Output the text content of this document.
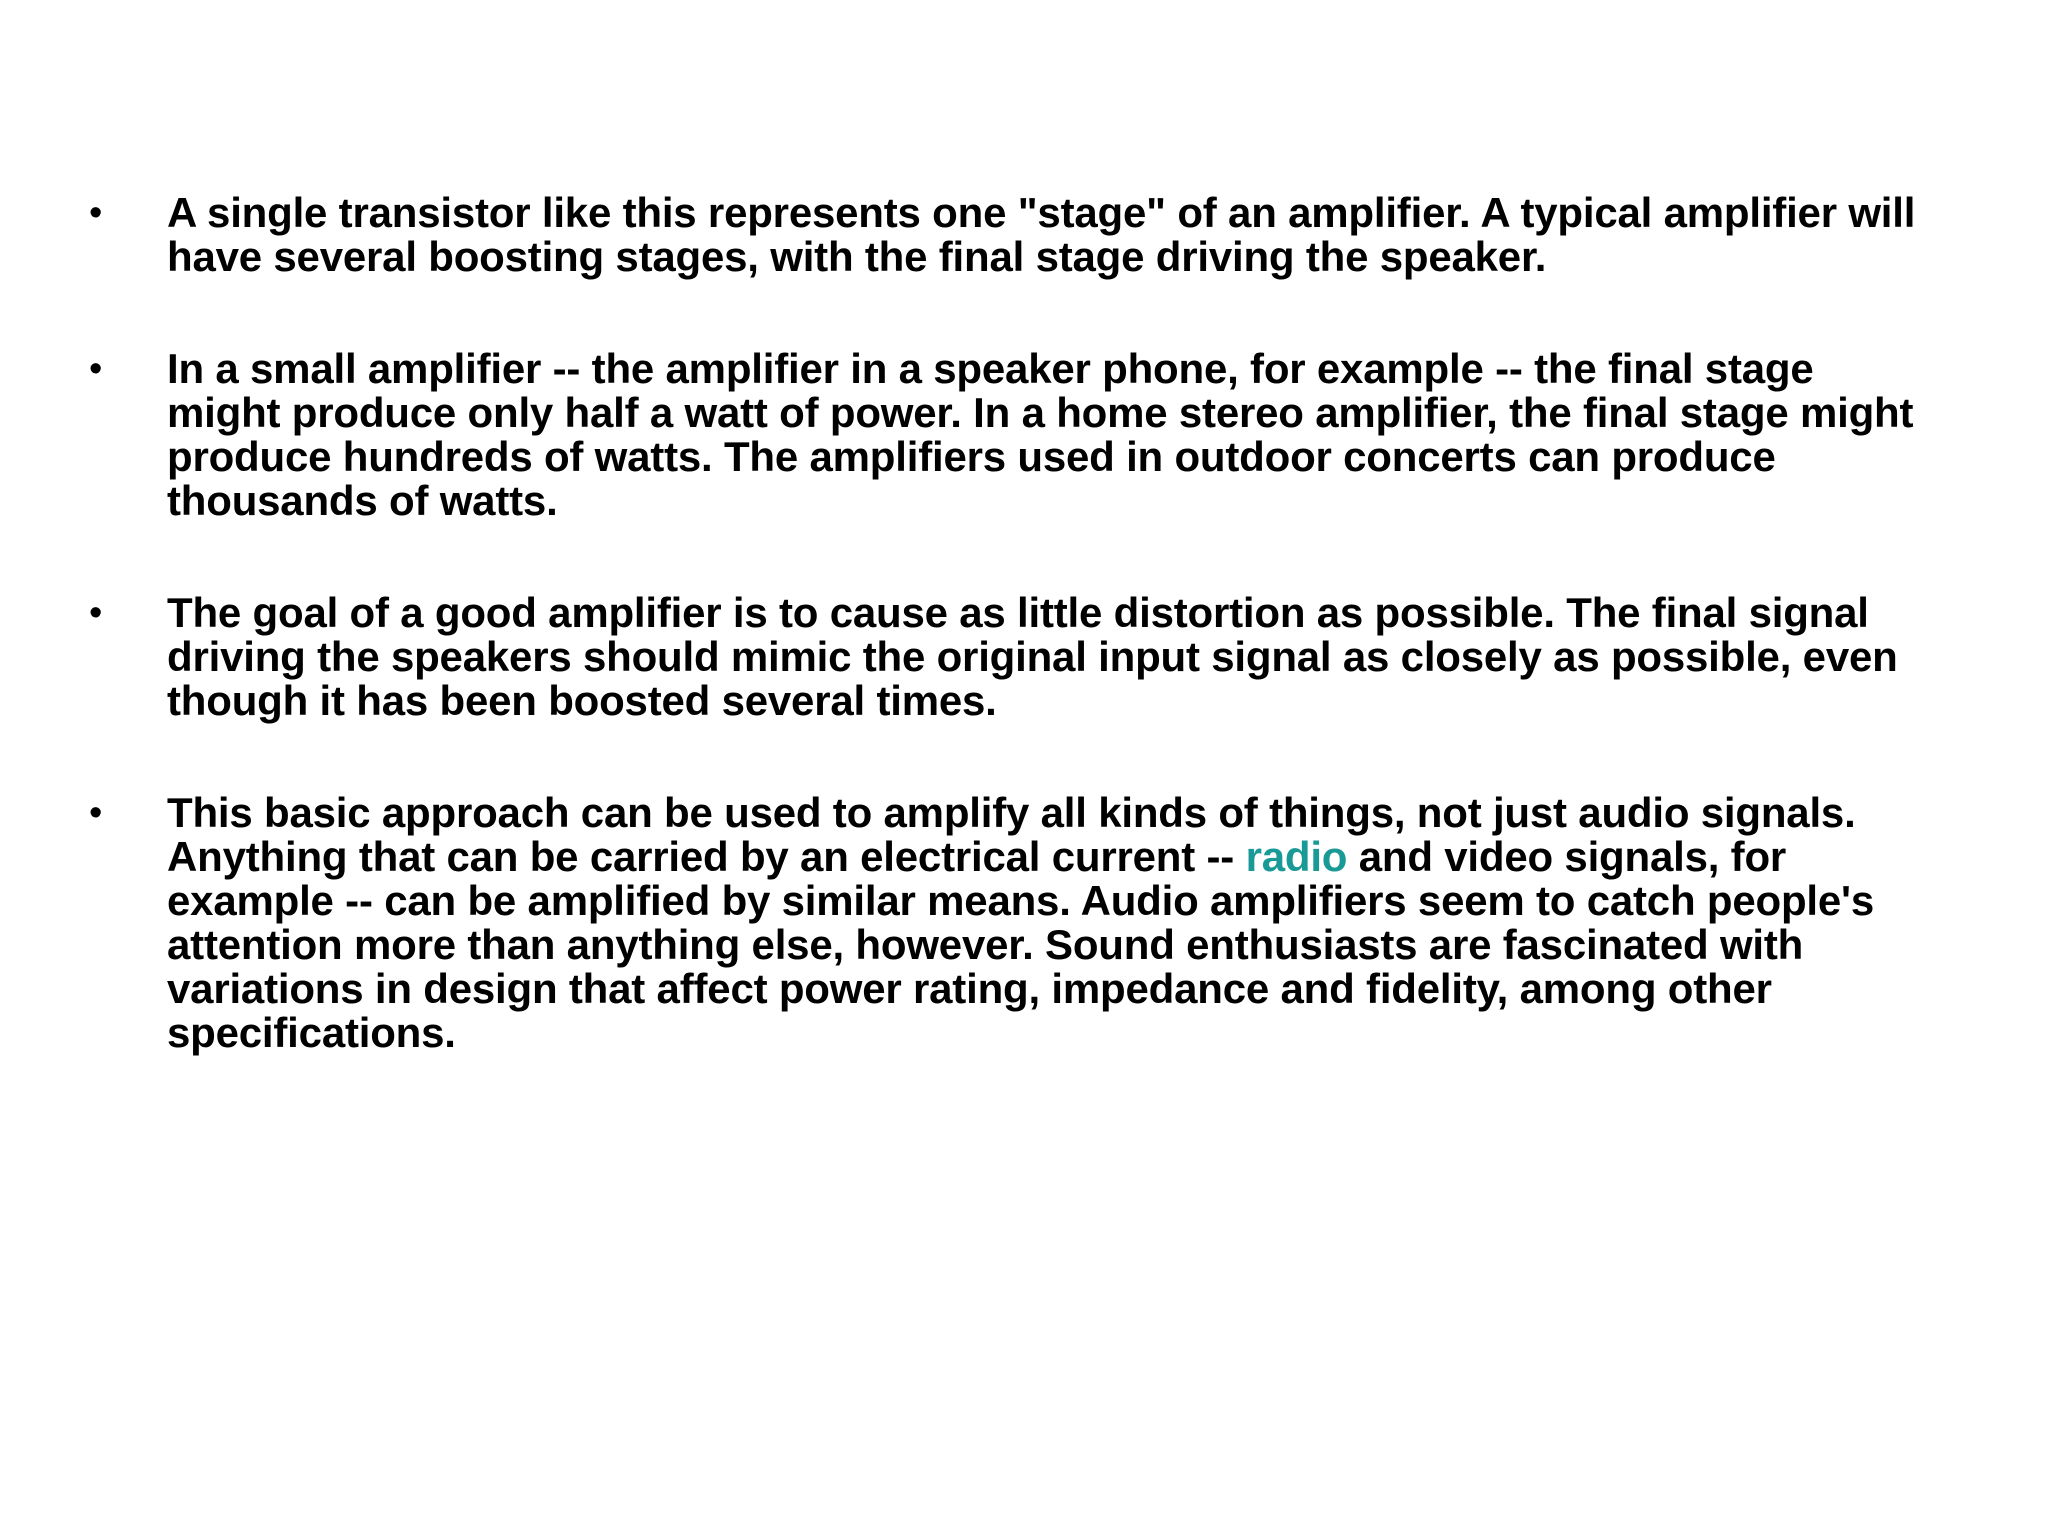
•	A single transistor like this represents one "stage" of an amplifier. A typical amplifier will have several boosting stages, with the final stage driving the speaker.
•	In a small amplifier -- the amplifier in a speaker phone, for example -- the final stage might produce only half a watt of power. In a home stereo amplifier, the final stage might produce hundreds of watts. The amplifiers used in outdoor concerts can produce thousands of watts.
•	The goal of a good amplifier is to cause as little distortion as possible. The final signal driving the speakers should mimic the original input signal as closely as possible, even though it has been boosted several times.
•	This basic approach can be used to amplify all kinds of things, not just audio signals. Anything that can be carried by an electrical current -- radio and video signals, for example -- can be amplified by similar means. Audio amplifiers seem to catch people's attention more than anything else, however. Sound enthusiasts are fascinated with variations in design that affect power rating, impedance and fidelity, among other specifications.
